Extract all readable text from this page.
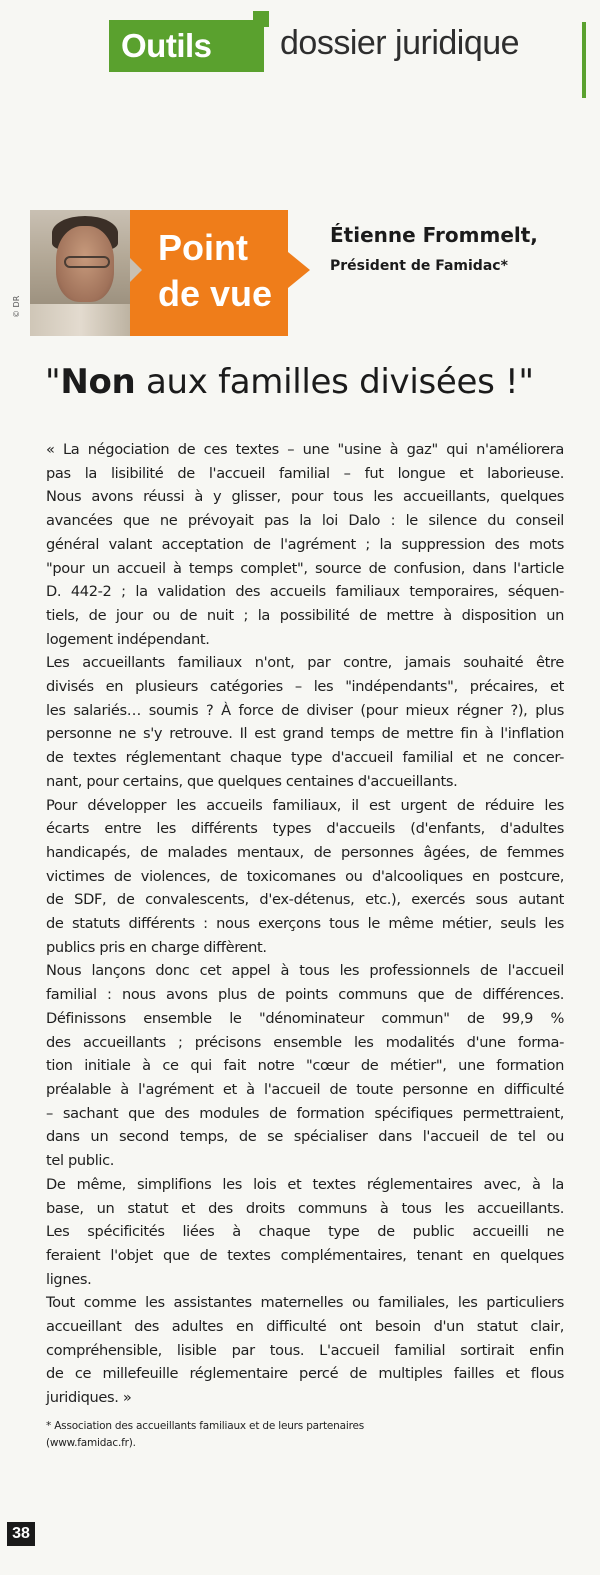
Outils	dossier juridique
© DR
Point
de vue
Étienne Frommelt,
Président de Famidac*
"Non aux familles divisées !"
« La négociation de ces textes – une "usine à gaz" qui n'améliorera
pas la lisibilité de l'accueil familial – fut longue et laborieuse.
Nous avons réussi à y glisser, pour tous les accueillants, quelques
avancées que ne prévoyait pas la loi Dalo : le silence du conseil
général valant acceptation de l'agrément ; la suppression des mots
"pour un accueil à temps complet", source de confusion, dans l'article
D. 442-2 ; la validation des accueils familiaux temporaires, séquen-
tiels, de jour ou de nuit ; la possibilité de mettre à disposition un
logement indépendant.
Les accueillants familiaux n'ont, par contre, jamais souhaité être
divisés en plusieurs catégories – les "indépendants", précaires, et
les salariés… soumis ? À force de diviser (pour mieux régner ?), plus
personne ne s'y retrouve. Il est grand temps de mettre fin à l'inflation
de textes réglementant chaque type d'accueil familial et ne concer-
nant, pour certains, que quelques centaines d'accueillants.
Pour développer les accueils familiaux, il est urgent de réduire les
écarts entre les différents types d'accueils (d'enfants, d'adultes
handicapés, de malades mentaux, de personnes âgées, de femmes
victimes de violences, de toxicomanes ou d'alcooliques en postcure,
de SDF, de convalescents, d'ex-détenus, etc.), exercés sous autant
de statuts différents : nous exerçons tous le même métier, seuls les
publics pris en charge diffèrent.
Nous lançons donc cet appel à tous les professionnels de l'accueil
familial : nous avons plus de points communs que de différences.
Définissons ensemble le "dénominateur commun" de 99,9 %
des accueillants ; précisons ensemble les modalités d'une forma-
tion initiale à ce qui fait notre "cœur de métier", une formation
préalable à l'agrément et à l'accueil de toute personne en difficulté
– sachant que des modules de formation spécifiques permettraient,
dans un second temps, de se spécialiser dans l'accueil de tel ou
tel public.
De même, simplifions les lois et textes réglementaires avec, à la
base, un statut et des droits communs à tous les accueillants.
Les spécificités liées à chaque type de public accueilli ne
feraient l'objet que de textes complémentaires, tenant en quelques
lignes.
Tout comme les assistantes maternelles ou familiales, les particuliers
accueillant des adultes en difficulté ont besoin d'un statut clair,
compréhensible, lisible par tous. L'accueil familial sortirait enfin
de ce millefeuille réglementaire percé de multiples failles et flous
juridiques. »
* Association des accueillants familiaux et de leurs partenaires
(www.famidac.fr).
38
